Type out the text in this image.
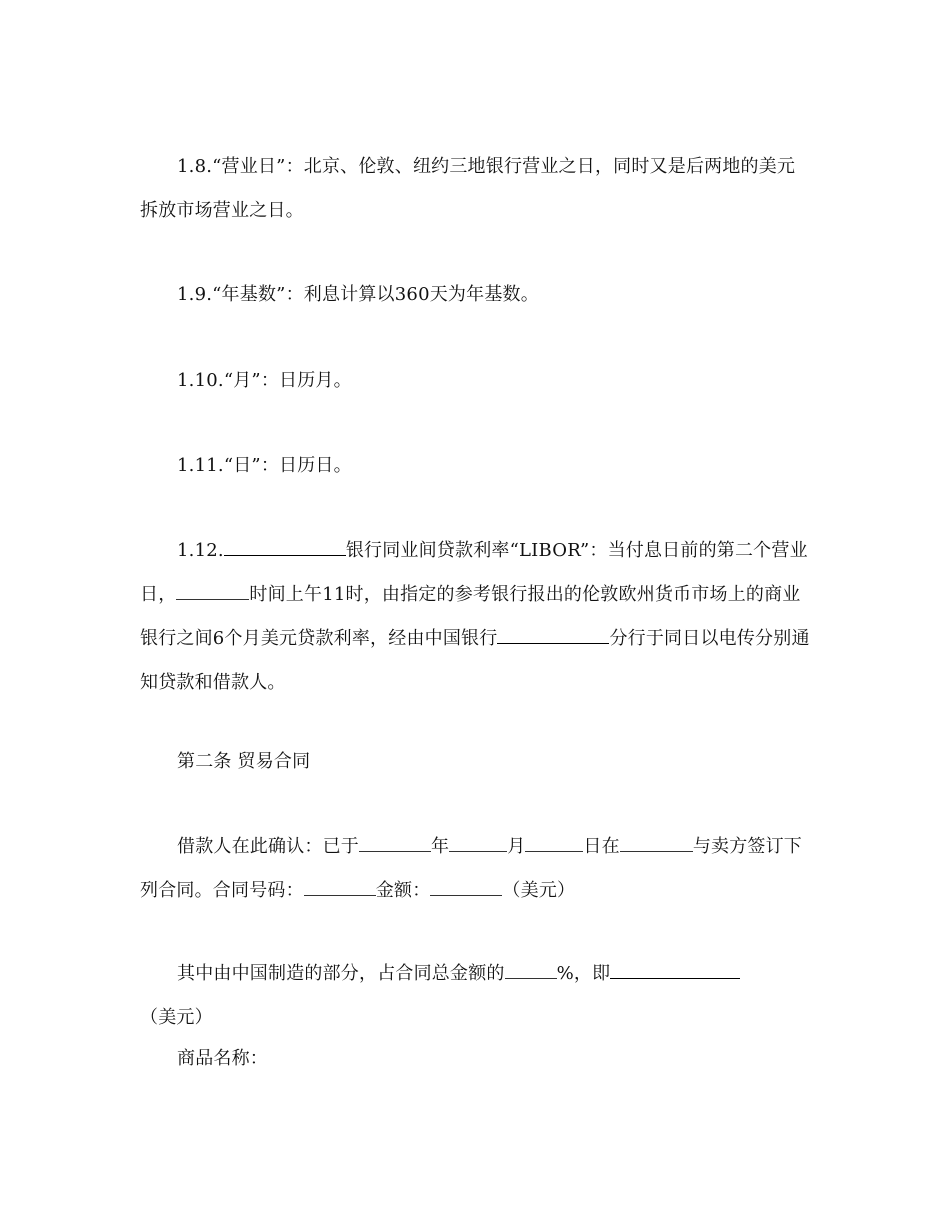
1.8.“营业日”：北京、伦敦、纽约三地银行营业之日，同时又是后两地的美元拆放市场营业之日。
1.9.“年基数”：利息计算以360天为年基数。
1.10.“月”：日历月。
1.11.“日”：日历日。
1.12.	银行同业间贷款利率“LIBOR”：当付息日前的第二个营业日，	时间上午11时，由指定的参考银行报出的伦敦欧州货币市场上的商业银行之间6个月美元贷款利率，经由中国银行	分行于同日以电传分别通知贷款和借款人。
第二条 贸易合同
借款人在此确认：已于	年	月	日在	与卖方签订下列合同。合同号码：	金额：	（美元）
其中由中国制造的部分，占合同总金额的	%，即（美元）
商品名称：
